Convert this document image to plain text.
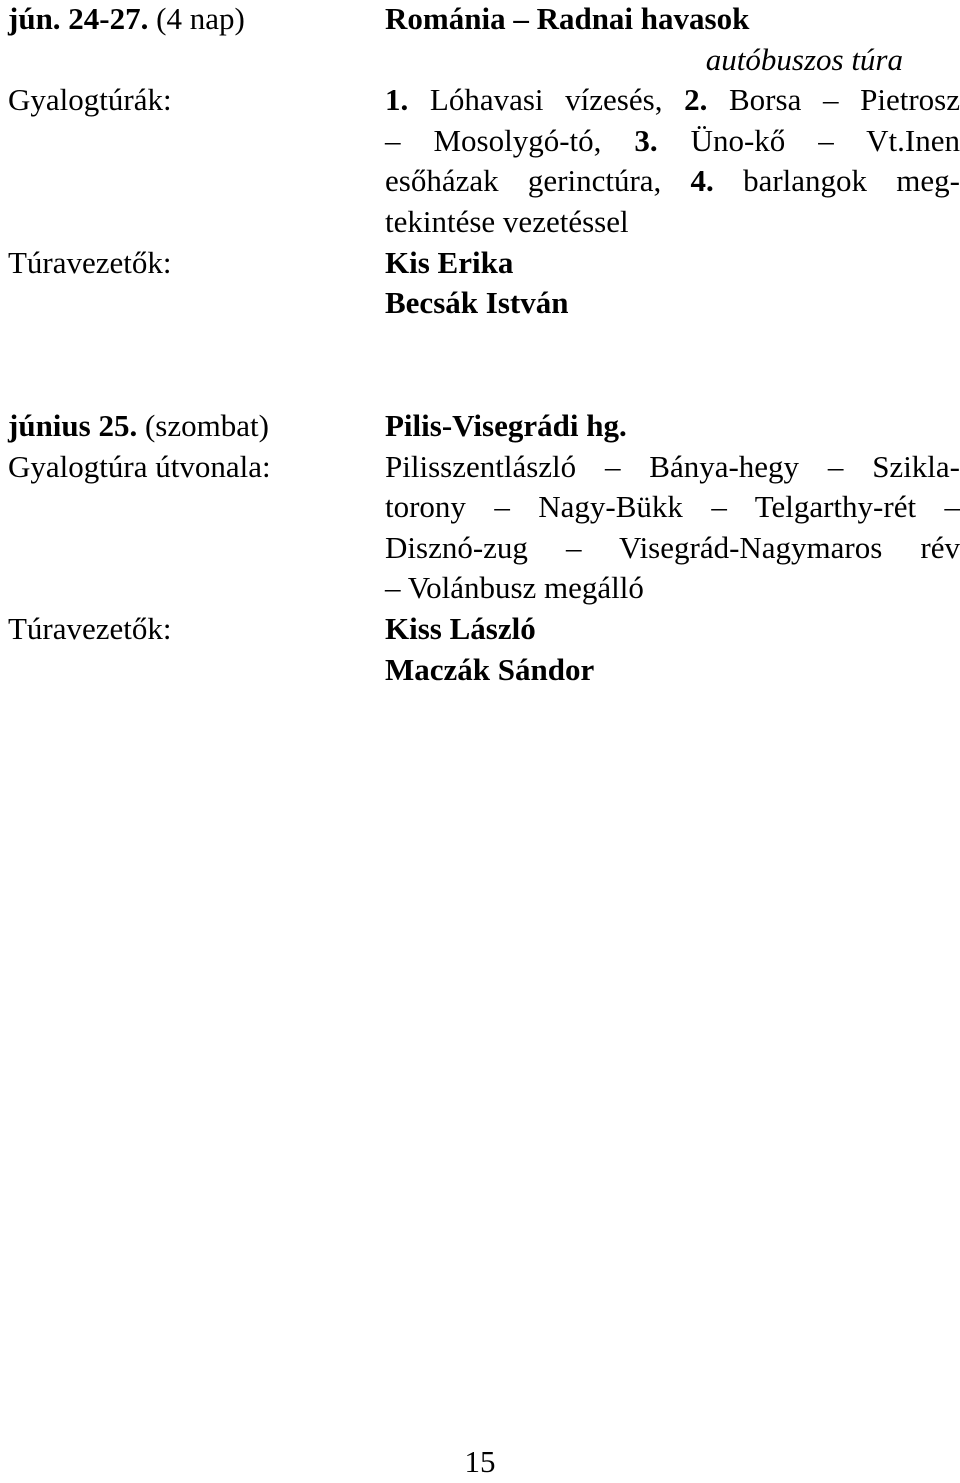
jún. 24-27. (4 nap)
Gyalogtúrák:
Túravezetők:
Románia – Radnai havasok
autóbuszos túra
1. Lóhavasi vízesés, 2. Borsa – Pietrosz
– Mosolygó-tó, 3. Üno-kő – Vt.Inen
esőházak gerinctúra, 4. barlangok meg-
tekintése vezetéssel
Kis Erika
Becsák István
június 25. (szombat)
Gyalogtúra útvonala:
Túravezetők:
Pilis-Visegrádi hg.
Pilisszentlászló – Bánya-hegy – Szikla-
torony – Nagy-Bükk – Telgarthy-rét –
Disznó-zug – Visegrád-Nagymaros rév
– Volánbusz megálló
Kiss László
Maczák Sándor
15
